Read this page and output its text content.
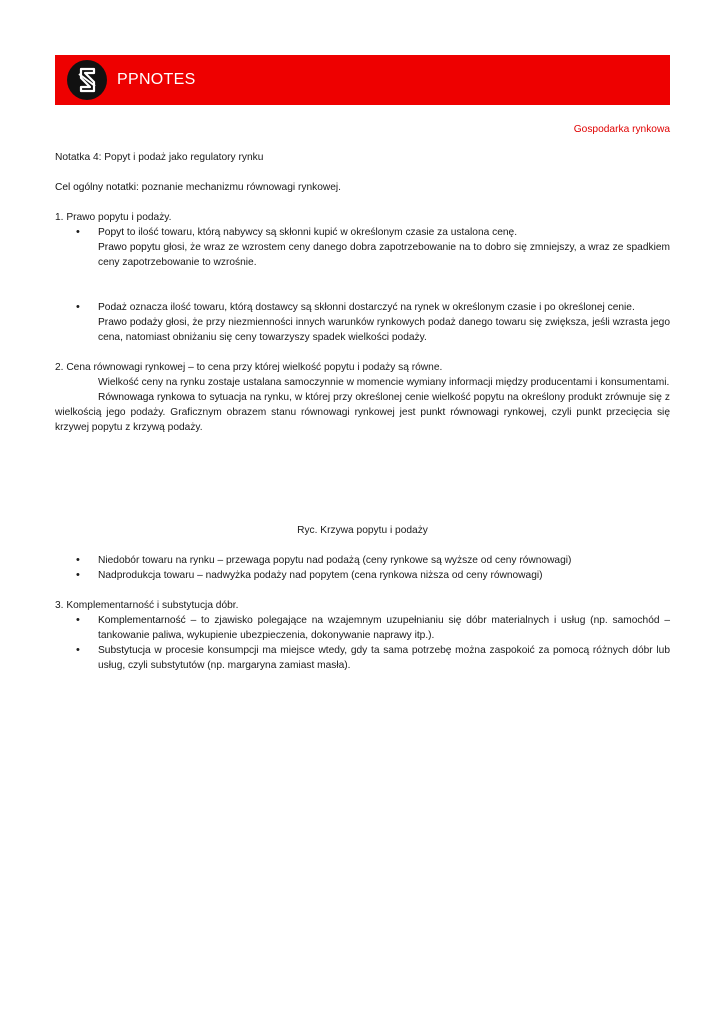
PPNOTES
Gospodarka rynkowa

Notatka 4: Popyt i podaż jako regulatory rynku

Cel ogólny notatki: poznanie mechanizmu równowagi rynkowej.

1. Prawo popytu i podaży.

• Popyt to ilość towaru, którą nabywcy są skłonni kupić w określonym czasie za ustalona cenę.
Prawo popytu głosi, że wraz ze wzrostem ceny danego dobra zapotrzebowanie na to dobro się zmniejszy, a wraz ze spadkiem ceny zapotrzebowanie to wzrośnie.
• Podaż oznacza ilość towaru, którą dostawcy są skłonni dostarczyć na rynek w określonym czasie i po określonej cenie.
Prawo podaży głosi, że przy niezmienności innych warunków rynkowych podaż danego towaru się zwiększa, jeśli wzrasta jego cena, natomiast obniżaniu się ceny towarzyszy spadek wielkości podaży.

2. Cena równowagi rynkowej – to cena przy której wielkość popytu i podaży są równe.

Wielkość ceny na rynku zostaje ustalana samoczynnie w momencie wymiany informacji między producentami i konsumentami.

Równowaga rynkowa to sytuacja na rynku, w której przy określonej cenie wielkość popytu na określony produkt zrównuje się z wielkością jego podaży. Graficznym obrazem stanu równowagi rynkowej jest punkt równowagi rynkowej, czyli punkt przecięcia się krzywej popytu z krzywą podaży.

Ryc. Krzywa popytu i podaży

• Niedobór towaru na rynku – przewaga popytu nad podażą (ceny rynkowe są wyższe od ceny równowagi)
• Nadprodukcja towaru – nadwyżka podaży nad popytem (cena rynkowa niższa od ceny równowagi)

3. Komplementarność i substytucja dóbr.

• Komplementarność – to zjawisko polegające na wzajemnym uzupełnianiu się dóbr materialnych i usług (np. samochód – tankowanie paliwa, wykupienie ubezpieczenia, dokonywanie naprawy itp.).
• Substytucja w procesie konsumpcji ma miejsce wtedy, gdy ta sama potrzebę można zaspokoić za pomocą różnych dóbr lub usług, czyli substytutów (np. margaryna zamiast masła).
